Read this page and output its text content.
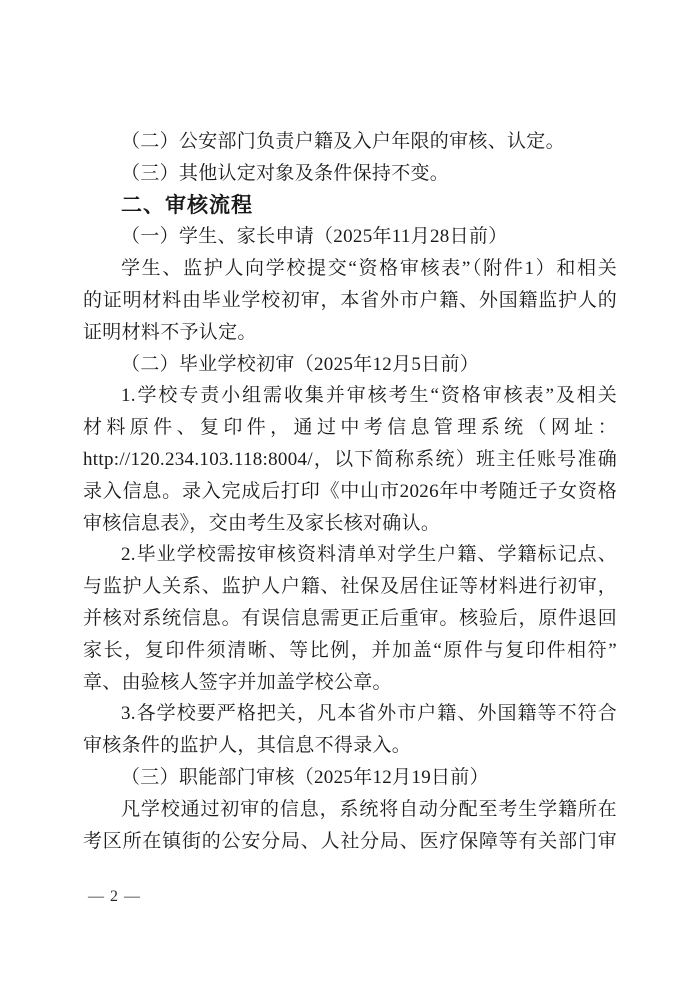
（二）公安部门负责户籍及入户年限的审核、认定。
（三）其他认定对象及条件保持不变。
二、审核流程
（一）学生、家长申请（2025年11月28日前）
学生、监护人向学校提交“资格审核表”（附件1）和相关
的证明材料由毕业学校初审，本省外市户籍、外国籍监护人的
证明材料不予认定。
（二）毕业学校初审（2025年12月5日前）
1.学校专责小组需收集并审核考生“资格审核表”及相关
材料原件、复印件，通过中考信息管理系统（网址：
http://120.234.103.118:8004/，以下简称系统）班主任账号准确
录入信息。录入完成后打印《中山市2026年中考随迁子女资格
审核信息表》，交由考生及家长核对确认。
2.毕业学校需按审核资料清单对学生户籍、学籍标记点、
与监护人关系、监护人户籍、社保及居住证等材料进行初审，
并核对系统信息。有误信息需更正后重审。核验后，原件退回
家长，复印件须清晰、等比例，并加盖“原件与复印件相符”
章、由验核人签字并加盖学校公章。
3.各学校要严格把关，凡本省外市户籍、外国籍等不符合
审核条件的监护人，其信息不得录入。
（三）职能部门审核（2025年12月19日前）
凡学校通过初审的信息，系统将自动分配至考生学籍所在
考区所在镇街的公安分局、人社分局、医疗保障等有关部门审
— 2 —
